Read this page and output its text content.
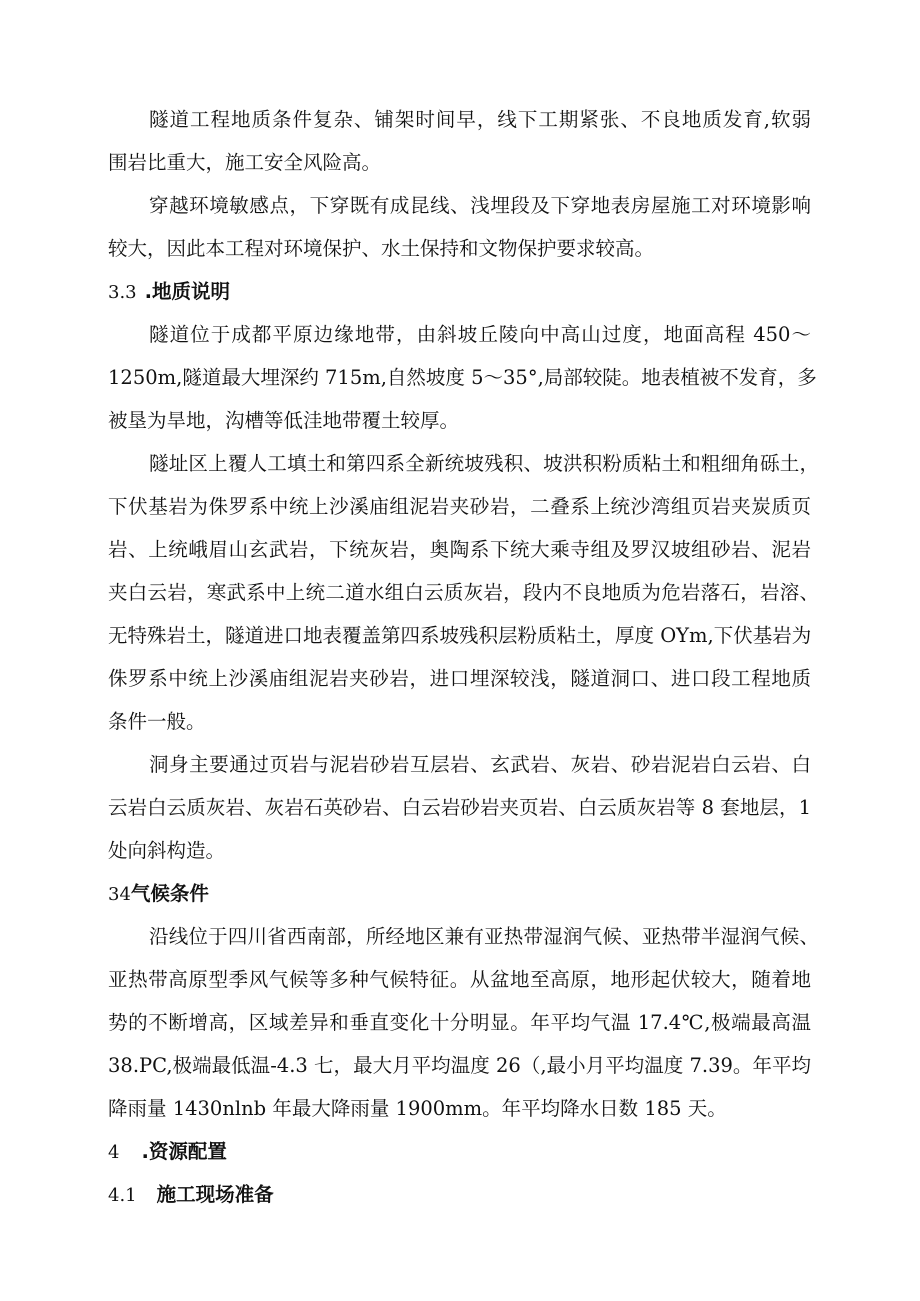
隧道工程地质条件复杂、铺架时间早，线下工期紧张、不良地质发育,软弱
围岩比重大，施工安全风险高。
穿越环境敏感点，下穿既有成昆线、浅埋段及下穿地表房屋施工对环境影响
较大，因此本工程对环境保护、水土保持和文物保护要求较高。
3.3 .地质说明
隧道位于成都平原边缘地带，由斜坡丘陵向中高山过度，地面高程 450～
1250m,隧道最大埋深约 715m,自然坡度 5～35°,局部较陡。地表植被不发育，多
被垦为旱地，沟槽等低洼地带覆土较厚。
隧址区上覆人工填土和第四系全新统坡残积、坡洪积粉质粘土和粗细角砾土，
下伏基岩为侏罗系中统上沙溪庙组泥岩夹砂岩，二叠系上统沙湾组页岩夹炭质页
岩、上统峨眉山玄武岩，下统灰岩，奥陶系下统大乘寺组及罗汉坡组砂岩、泥岩
夹白云岩，寒武系中上统二道水组白云质灰岩，段内不良地质为危岩落石，岩溶、
无特殊岩土，隧道进口地表覆盖第四系坡残积层粉质粘土，厚度 OYm,下伏基岩为
侏罗系中统上沙溪庙组泥岩夹砂岩，进口埋深较浅，隧道洞口、进口段工程地质
条件一般。
洞身主要通过页岩与泥岩砂岩互层岩、玄武岩、灰岩、砂岩泥岩白云岩、白
云岩白云质灰岩、灰岩石英砂岩、白云岩砂岩夹页岩、白云质灰岩等 8 套地层，1
处向斜构造。
34气候条件
沿线位于四川省西南部，所经地区兼有亚热带湿润气候、亚热带半湿润气候、
亚热带高原型季风气候等多种气候特征。从盆地至高原，地形起伏较大，随着地
势的不断增高，区域差异和垂直变化十分明显。年平均气温 17.4℃,极端最高温
38.PC,极端最低温-4.3 七，最大月平均温度 26（,最小月平均温度 7.39。年平均
降雨量 1430nlnb 年最大降雨量 1900mm。年平均降水日数 185 天。
4 .资源配置
4.1 施工现场准备
